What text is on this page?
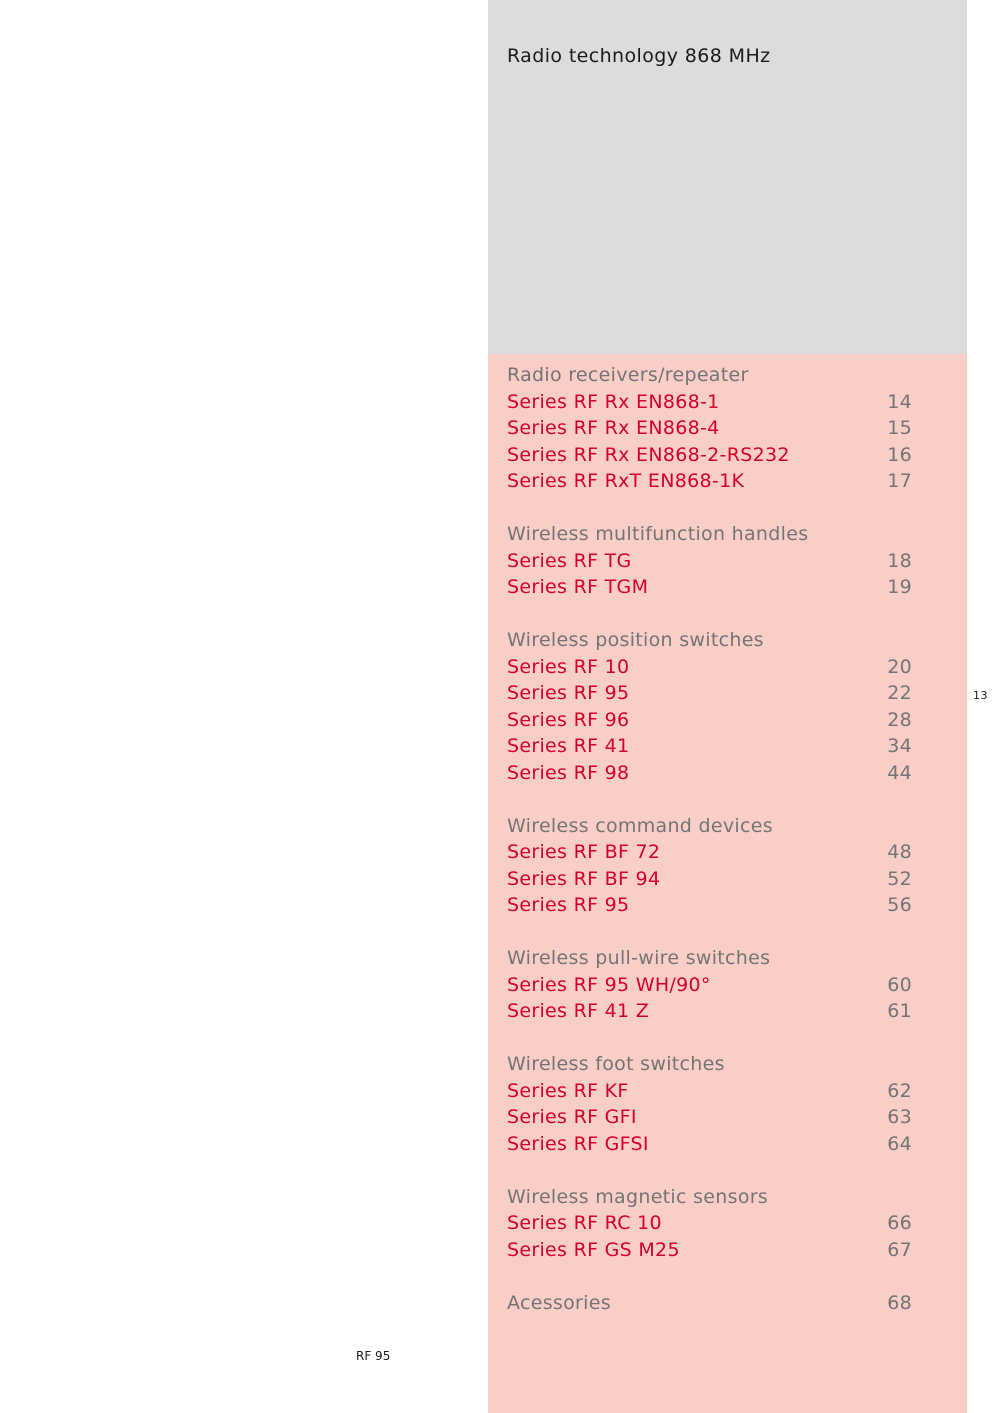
Radio technology 868 MHz
Radio receivers/repeater
Series RF Rx EN868-1	14
Series RF Rx EN868-4	15
Series RF Rx EN868-2-RS232	16
Series RF RxT EN868-1K	17
Wireless multifunction handles
Series RF TG	18
Series RF TGM	19
Wireless position switches
Series RF 10	20
Series RF 95	22
Series RF 96	28
Series RF 41	34
Series RF 98	44
Wireless command devices
Series RF BF 72	48
Series RF BF 94	52
Series RF 95	56
Wireless pull-wire switches
Series RF 95 WH/90°	60
Series RF 41 Z	61
Wireless foot switches
Series RF KF	62
Series RF GFI	63
Series RF GFSI	64
Wireless magnetic sensors
Series RF RC 10	66
Series RF GS M25	67
Acessories	68
13
RF 95
